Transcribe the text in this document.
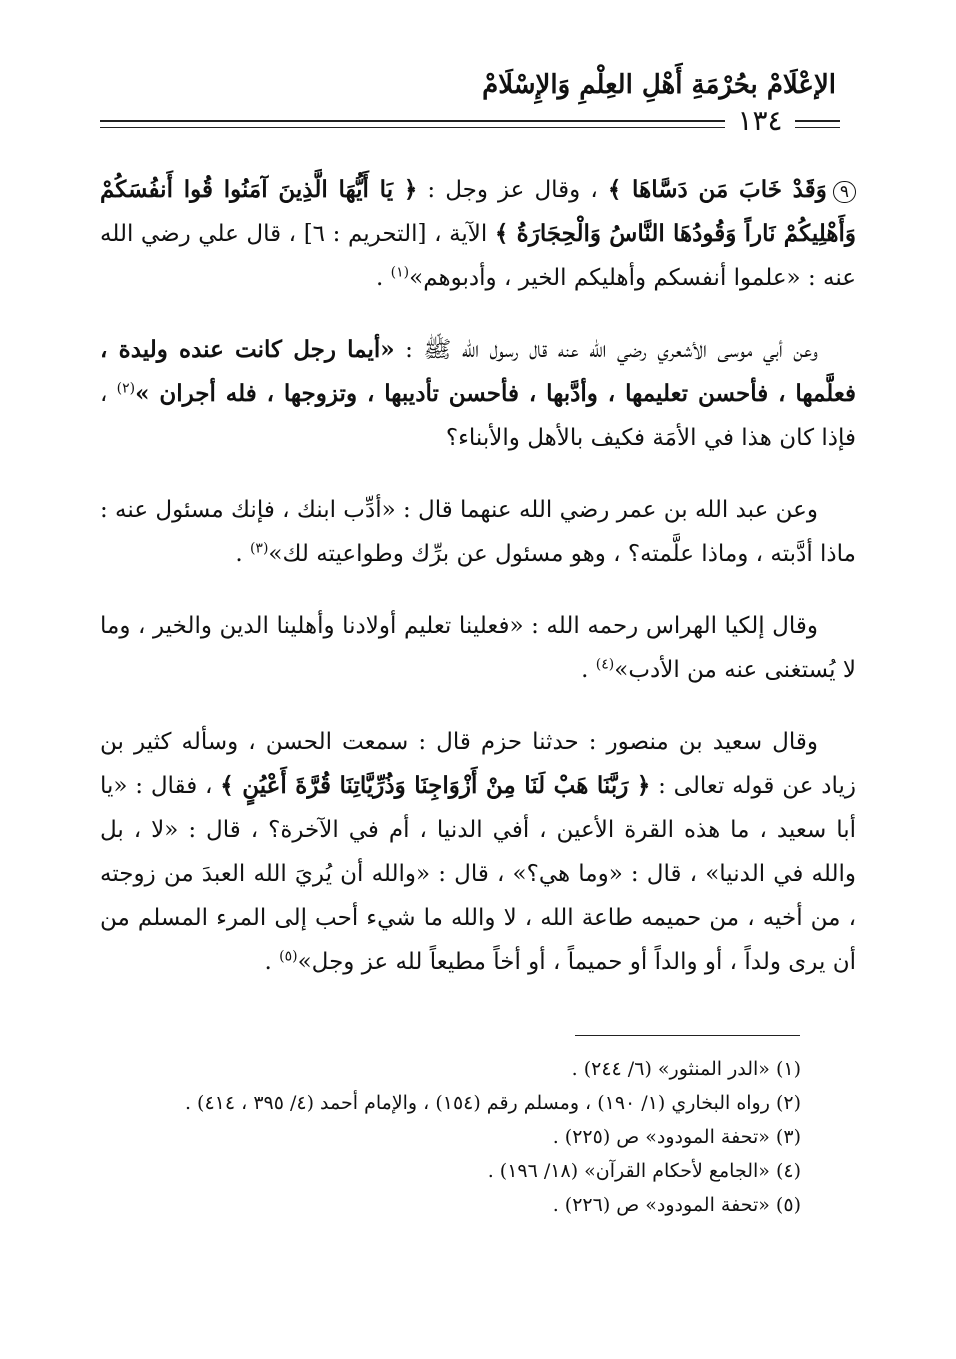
الإعْلَامْ بحُرْمَةِ أَهْلِ العِلْمِ وَالإِسْلَامْ
١٣٤

٩وَقَدْ خَابَ مَن دَسَّاهَا ﴾ ، وقال عز وجل : ﴿ يَا أَيُّهَا الَّذِينَ آمَنُوا قُوا أَنفُسَكُمْ وَأَهْلِيكُمْ نَاراً وَقُودُهَا النَّاسُ وَالْحِجَارَةُ ﴾ الآية ، [التحريم : ٦] ، قال علي رضي الله عنه : «علموا أنفسكم وأهليكم الخير ، وأدبوهم»$^{(١)}$ .

وعن أبي موسى الأشعري رضي الله عنه قال رسول الله ﷺ : «أيما رجل كانت عنده وليدة ، فعلَّمها ، فأحسن تعليمها ، وأدَّبها ، فأحسن تأديبها ، وتزوجها ، فله أجران »$^{(٢)}$ ، فإذا كان هذا في الأمَة فكيف بالأهل والأبناء؟

وعن عبد الله بن عمر رضي الله عنهما قال : «أدِّب ابنك ، فإنك مسئول عنه : ماذا أدَّبته ، وماذا علَّمته؟ ، وهو مسئول عن برِّك وطواعيته لك»$^{(٣)}$ .

وقال إلكيا الهراس رحمه الله : «فعلينا تعليم أولادنا وأهلينا الدين والخير ، وما لا يُستغنى عنه من الأدب»$^{(٤)}$ .

وقال سعيد بن منصور : حدثنا حزم قال : سمعت الحسن ، وسأله كثير بن زياد عن قوله تعالى : ﴿ رَبَّنَا هَبْ لَنَا مِنْ أَزْوَاجِنَا وَذُرِّيَّاتِنَا قُرَّةَ أَعْيُنٍ ﴾ ، فقال : «يا أبا سعيد ، ما هذه القرة الأعين ، أفي الدنيا ، أم في الآخرة؟ ، قال : «لا ، بل والله في الدنيا» ، قال : «وما هي؟» ، قال : «والله أن يُريَ الله العبدَ من زوجته ، من أخيه ، من حميمه طاعة الله ، لا والله ما شيء أحب إلى المرء المسلم من أن يرى ولداً ، أو والداً أو حميماً ، أو أخاً مطيعاً لله عز وجل»$^{(٥)}$ .

(١) «الدر المنثور» (٦/ ٢٤٤) .
(٢) رواه البخاري (١/ ١٩٠) ، ومسلم رقم (١٥٤) ، والإمام أحمد (٤/ ٣٩٥ ، ٤١٤) .
(٣) «تحفة المودود» ص (٢٢٥) .
(٤) «الجامع لأحكام القرآن» (١٨/ ١٩٦) .
(٥) «تحفة المودود» ص (٢٢٦) .
